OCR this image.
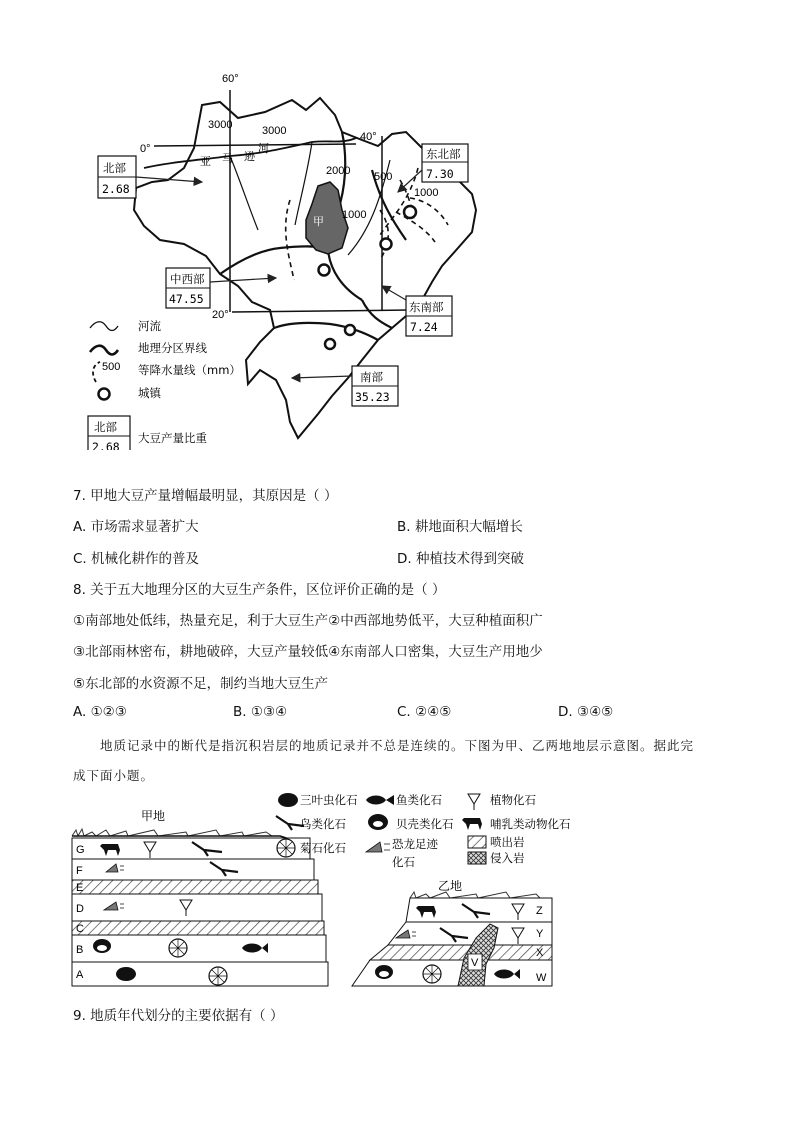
60°
40°
0°
20°
3000	3000
2000
1000
1000
500
亚 马 逊
河
甲
北部
2.68
东北部
7.30
中西部
47.55
东南部
7.24
南部
35.23
河流
地理分区界线
500 等降水量线（mm）
城镇
北部
2.68
大豆产量比重
7. 甲地大豆产量增幅最明显，其原因是（ ）
A. 市场需求显著扩大	B. 耕地面积大幅增长
C. 机械化耕作的普及	D. 种植技术得到突破
8. 关于五大地理分区的大豆生产条件，区位评价正确的是（ ）
①南部地处低纬，热量充足，利于大豆生产②中西部地势低平，大豆种植面积广
③北部雨林密布，耕地破碎，大豆产量较低④东南部人口密集，大豆生产用地少
⑤东北部的水资源不足，制约当地大豆生产
A. ①②③	B. ①③④	C. ②④⑤	D. ③④⑤
地质记录中的断代是指沉积岩层的地质记录并不总是连续的。下图为甲、乙两地地层示意图。据此完
成下面小题。
甲地
G
F
E
D
C
B
A
三叶虫化石	鱼类化石	植物化石
鸟类化石	贝壳类化石	哺乳类动物化石
菊石化石	恐龙足迹
化石
喷出岩
侵入岩
乙地
V
Z
Y
X
W
9. 地质年代划分的主要依据有（ ）
